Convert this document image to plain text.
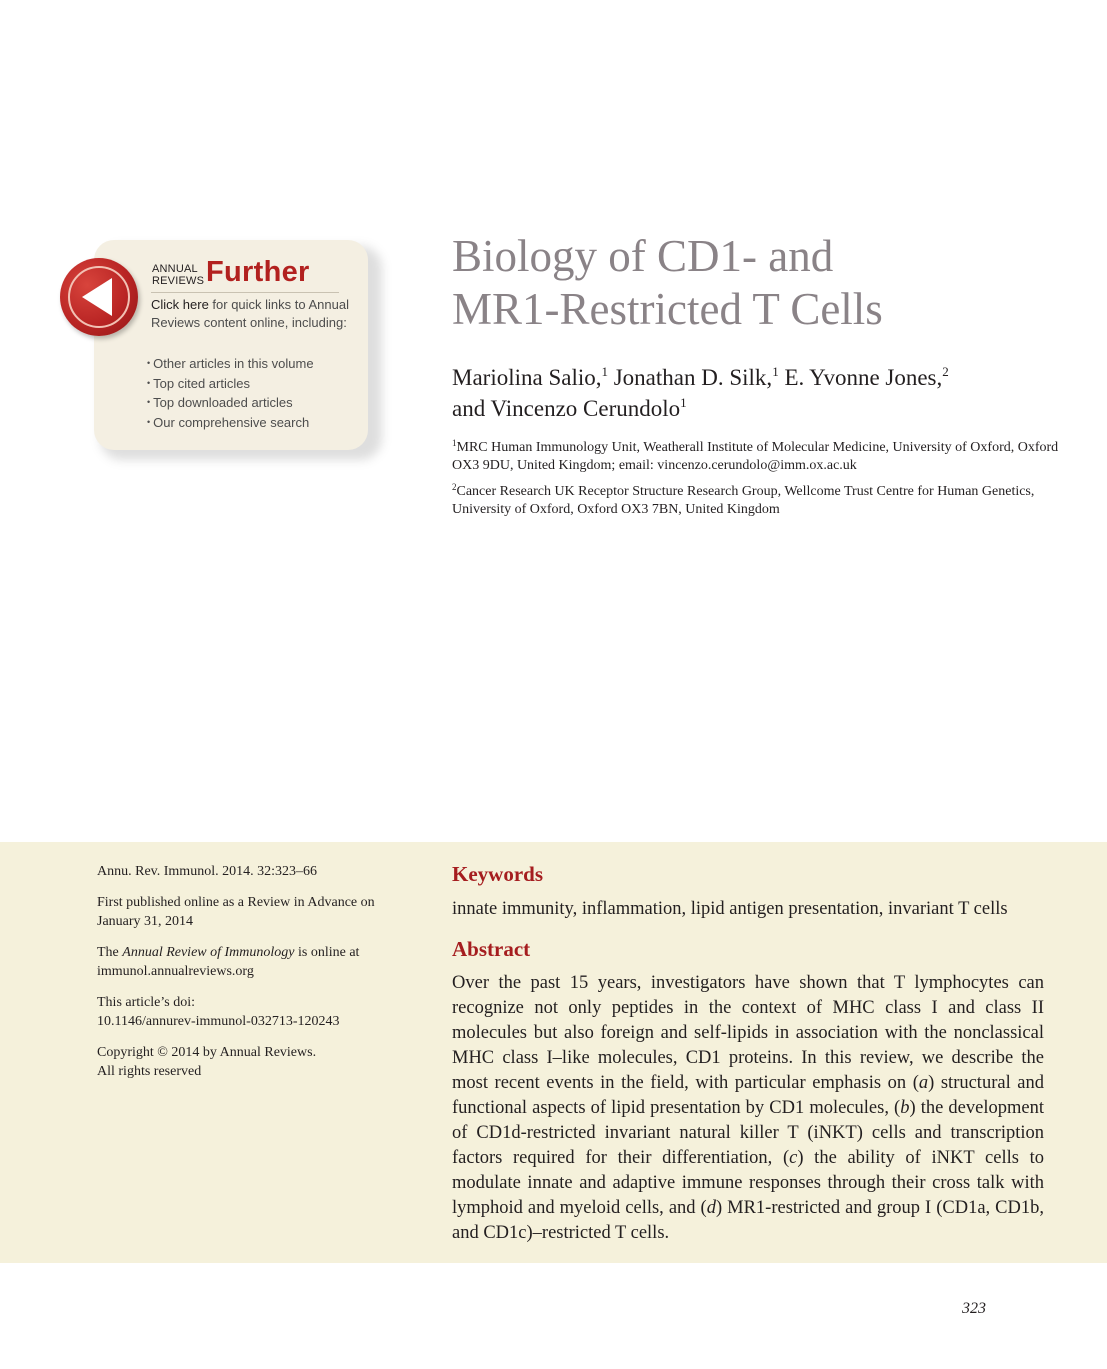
ANNUAL
REVIEWS Further
Click here for quick links to Annual Reviews content online, including:
• Other articles in this volume
• Top cited articles
• Top downloaded articles
• Our comprehensive search
Biology of CD1- and
MR1-Restricted T Cells
Mariolina Salio,$^1$ Jonathan D. Silk,$^1$ E. Yvonne Jones,$^2$
and Vincenzo Cerundolo$^1$
$^1$MRC Human Immunology Unit, Weatherall Institute of Molecular Medicine, University of Oxford, Oxford OX3 9DU, United Kingdom; email: vincenzo.cerundolo@imm.ox.ac.uk
$^2$Cancer Research UK Receptor Structure Research Group, Wellcome Trust Centre for Human Genetics, University of Oxford, Oxford OX3 7BN, United Kingdom

Annu. Rev. Immunol. 2014. 32:323–66

First published online as a Review in Advance on January 31, 2014

The Annual Review of Immunology is online at immunol.annualreviews.org

This article’s doi:
10.1146/annurev-immunol-032713-120243

Copyright © 2014 by Annual Reviews.
All rights reserved

Keywords
innate immunity, inflammation, lipid antigen presentation, invariant T cells
Abstract

Over the past 15 years, investigators have shown that T lymphocytes can recognize not only peptides in the context of MHC class I and class II molecules but also foreign and self-lipids in association with the nonclassical MHC class I–like molecules, CD1 proteins. In this review, we describe the most recent events in the field, with particular emphasis on (a) structural and functional aspects of lipid presentation by CD1 molecules, (b) the development of CD1d-restricted invariant natural killer T (iNKT) cells and transcription factors required for their differentiation, (c) the ability of iNKT cells to modulate innate and adaptive immune responses through their cross talk with lymphoid and myeloid cells, and (d) MR1-restricted and group I (CD1a, CD1b, and CD1c)–restricted T cells.

323
